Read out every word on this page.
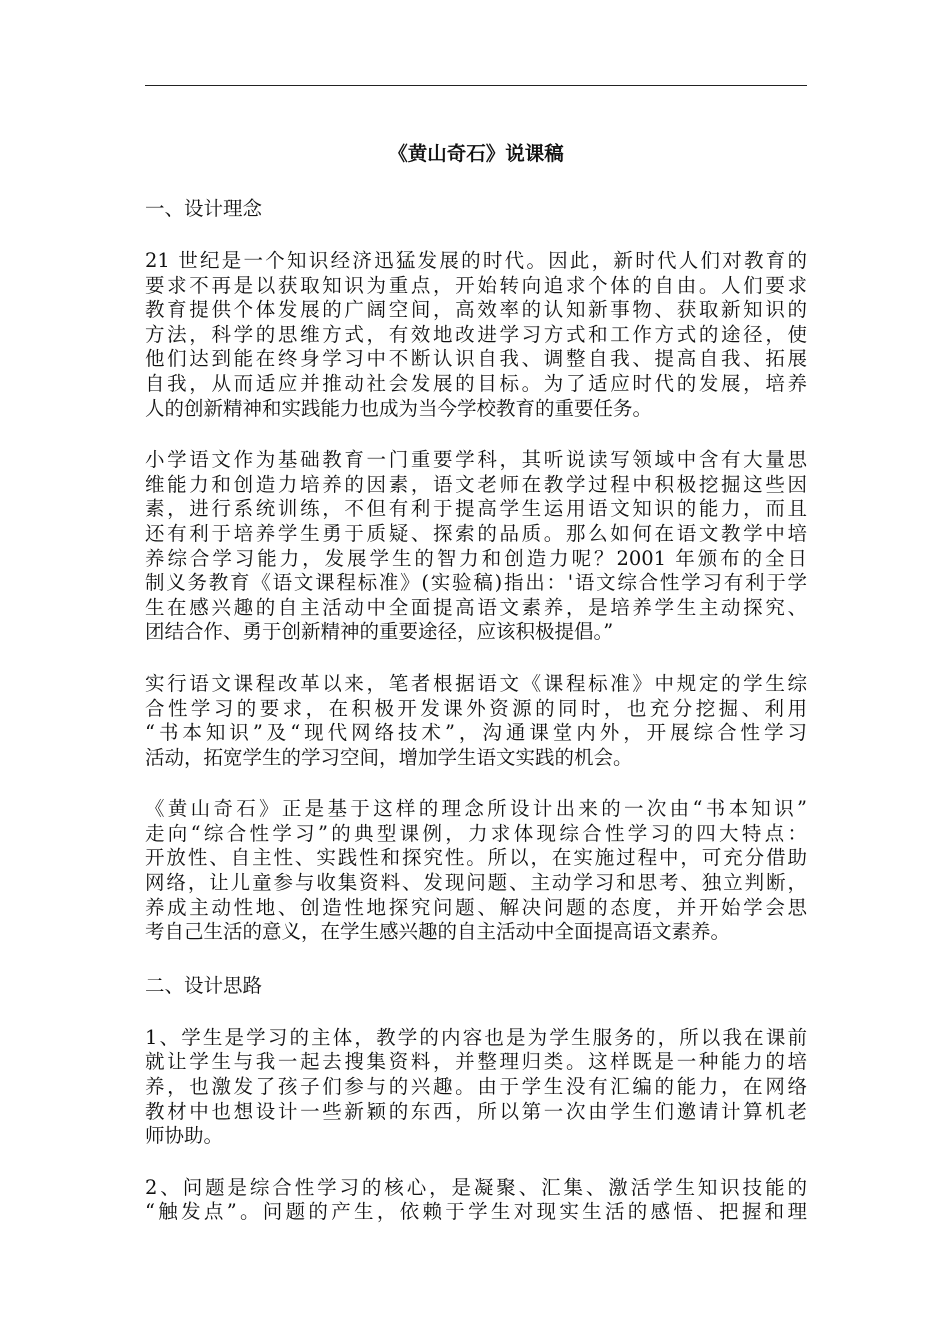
《黄山奇石》说课稿
一、设计理念
21 世纪是一个知识经济迅猛发展的时代。因此，新时代人们对教育的
要求不再是以获取知识为重点，开始转向追求个体的自由。人们要求
教育提供个体发展的广阔空间，高效率的认知新事物、获取新知识的
方法，科学的思维方式，有效地改进学习方式和工作方式的途径，使
他们达到能在终身学习中不断认识自我、调整自我、提高自我、拓展
自我，从而适应并推动社会发展的目标。为了适应时代的发展，培养
人的创新精神和实践能力也成为当今学校教育的重要任务。
小学语文作为基础教育一门重要学科，其听说读写领域中含有大量思
维能力和创造力培养的因素，语文老师在教学过程中积极挖掘这些因
素，进行系统训练，不但有利于提高学生运用语文知识的能力，而且
还有利于培养学生勇于质疑、探索的品质。那么如何在语文教学中培
养综合学习能力，发展学生的智力和创造力呢？2001 年颁布的全日
制义务教育《语文课程标准》(实验稿)指出：'语文综合性学习有利于学
生在感兴趣的自主活动中全面提高语文素养，是培养学生主动探究、
团结合作、勇于创新精神的重要途径，应该积极提倡。”
实行语文课程改革以来，笔者根据语文《课程标准》中规定的学生综
合性学习的要求，在积极开发课外资源的同时，也充分挖掘、利用
“书本知识”及“现代网络技术”，沟通课堂内外，开展综合性学习
活动，拓宽学生的学习空间，增加学生语文实践的机会。
《黄山奇石》正是基于这样的理念所设计出来的一次由“书本知识”
走向“综合性学习”的典型课例，力求体现综合性学习的四大特点：
开放性、自主性、实践性和探究性。所以，在实施过程中，可充分借助
网络，让儿童参与收集资料、发现问题、主动学习和思考、独立判断，
养成主动性地、创造性地探究问题、解决问题的态度，并开始学会思
考自己生活的意义，在学生感兴趣的自主活动中全面提高语文素养。
二、设计思路
1、学生是学习的主体，教学的内容也是为学生服务的，所以我在课前
就让学生与我一起去搜集资料，并整理归类。这样既是一种能力的培
养，也激发了孩子们参与的兴趣。由于学生没有汇编的能力，在网络
教材中也想设计一些新颖的东西，所以第一次由学生们邀请计算机老
师协助。
2、问题是综合性学习的核心，是凝聚、汇集、激活学生知识技能的
“触发点”。问题的产生，依赖于学生对现实生活的感悟、把握和理
